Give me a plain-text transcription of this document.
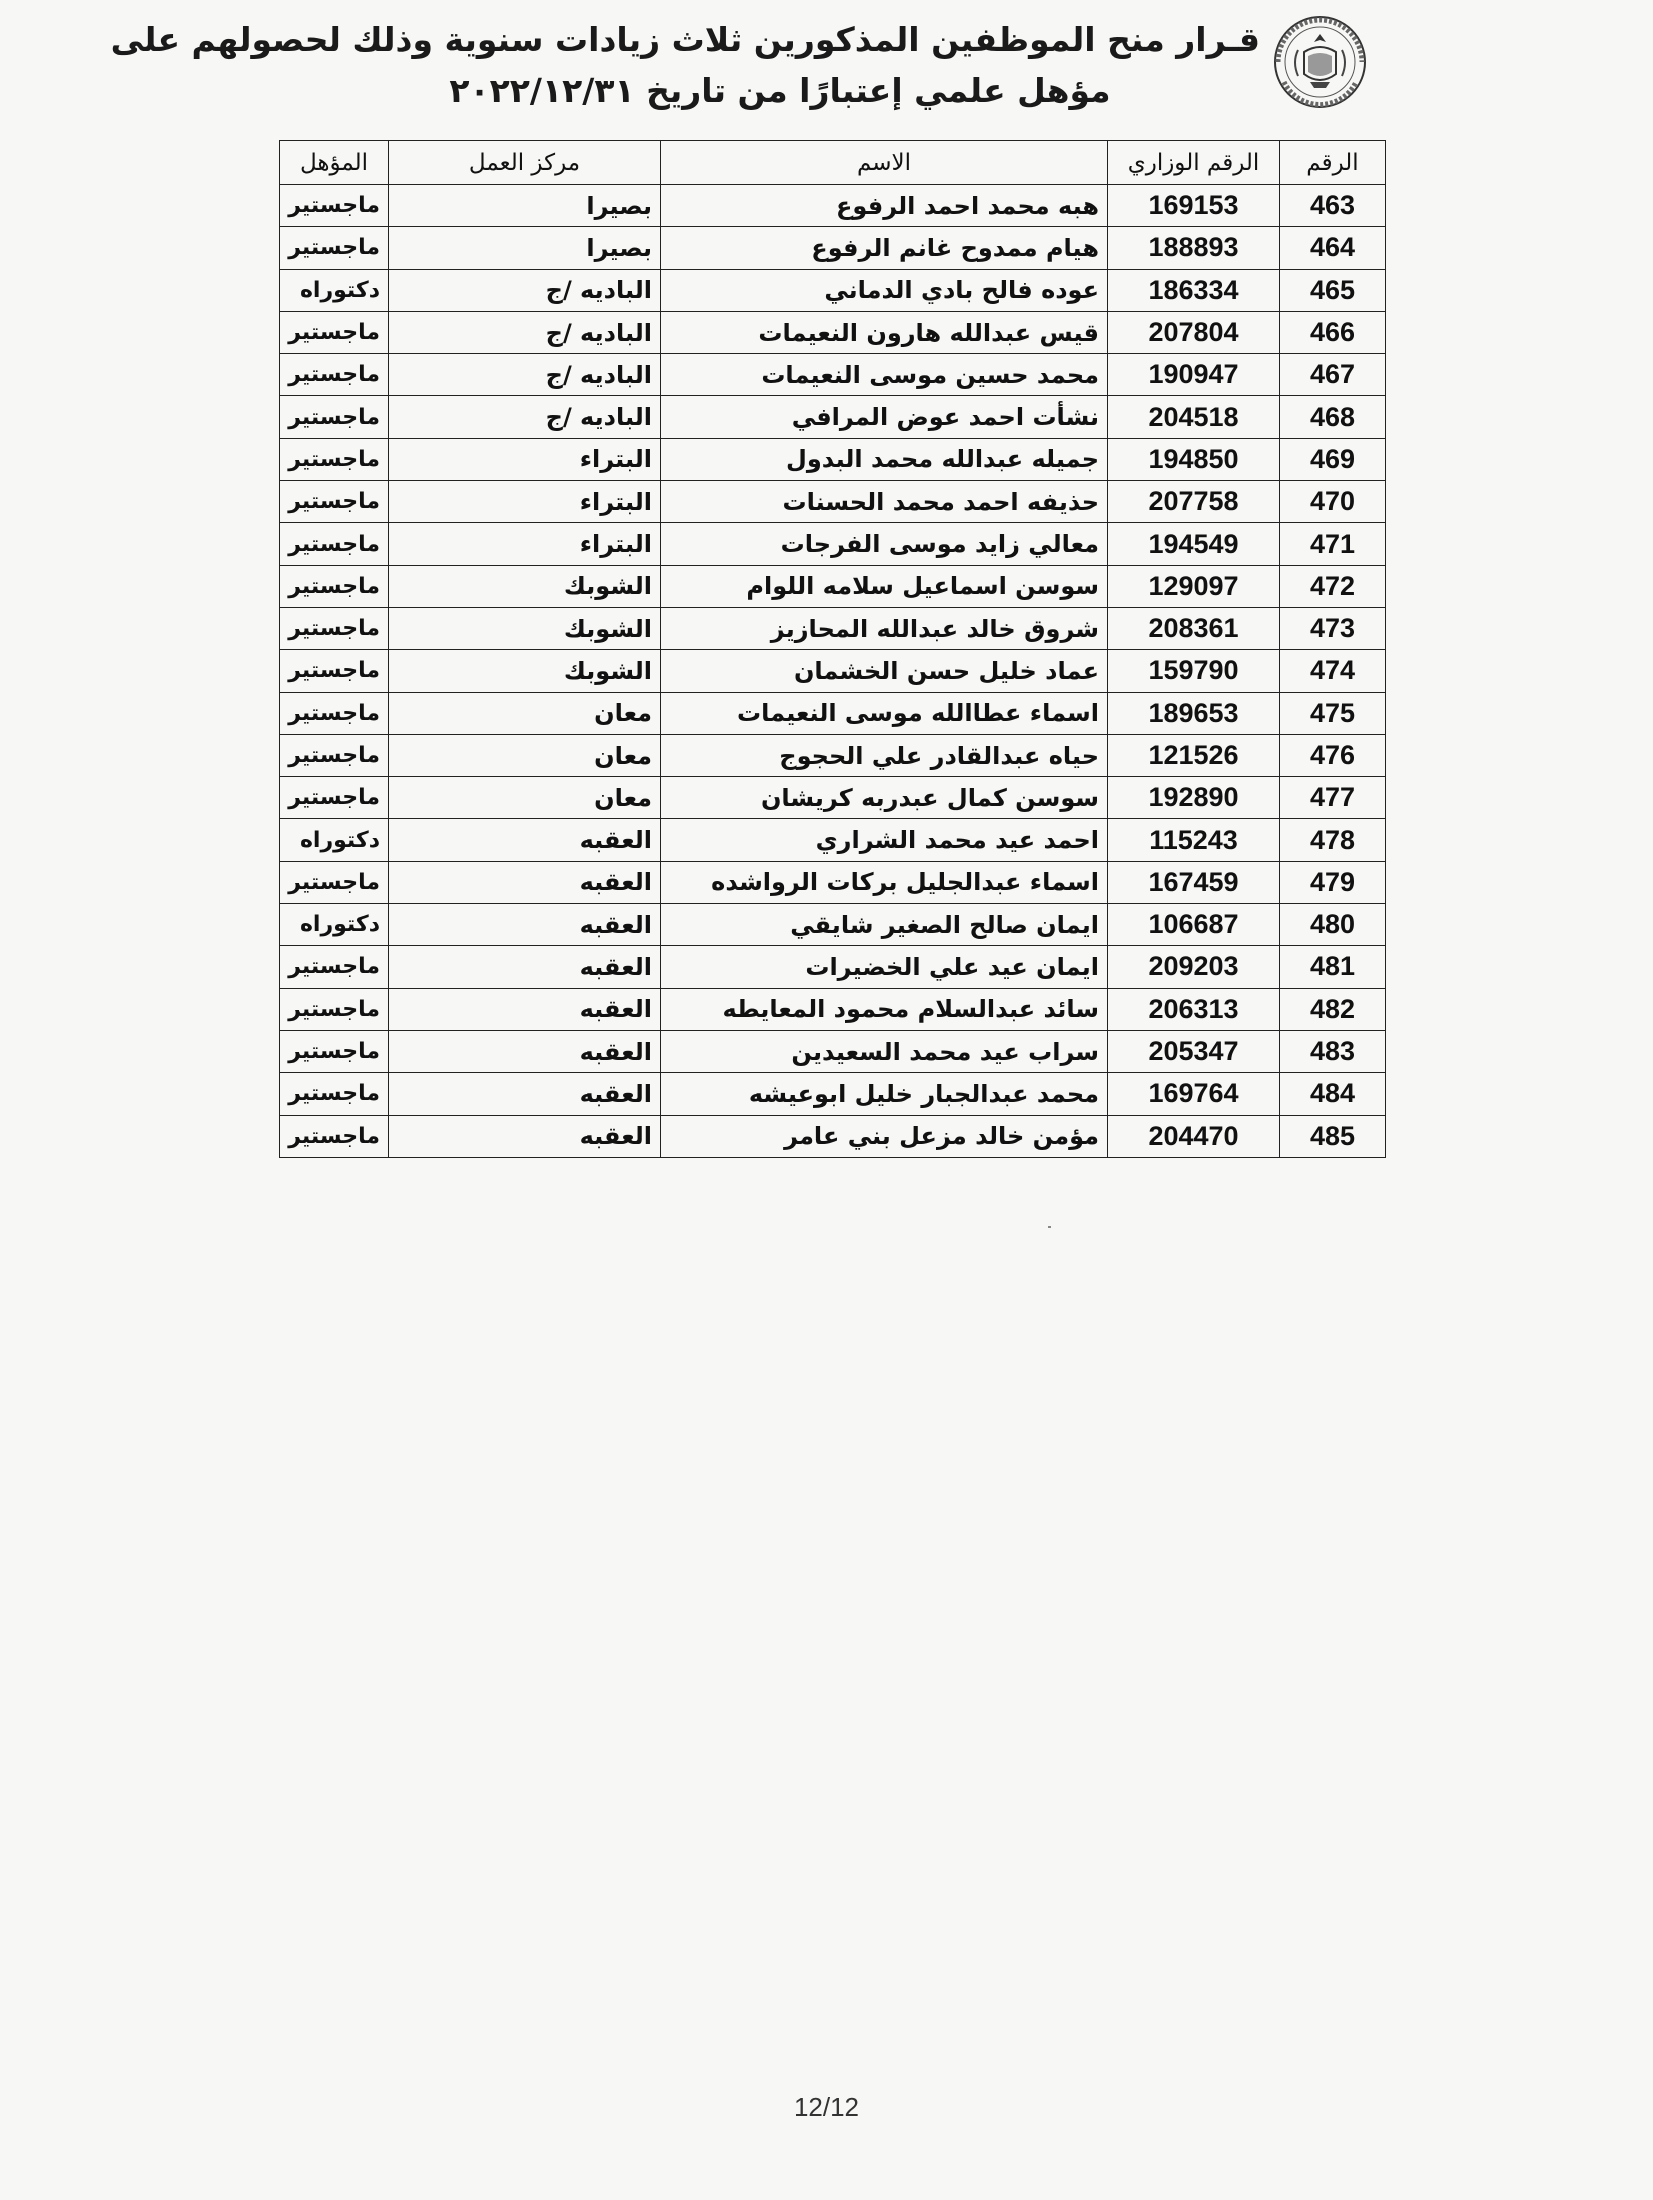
قـرار منح الموظفين المذكورين ثلاث زيادات سنوية وذلك لحصولهم على
مؤهل علمي إعتبارًا من تاريخ ٢٠٢٢/١٢/٣١
الرقم	الرقم الوزاري	الاسم	مركز العمل	المؤهل
463	169153	هبه محمد احمد الرفوع	بصيرا	ماجستير
464	188893	هيام ممدوح غانم الرفوع	بصيرا	ماجستير
465	186334	عوده فالح بادي الدماني	الباديه /ج	دكتوراه
466	207804	قيس عبدالله هارون النعيمات	الباديه /ج	ماجستير
467	190947	محمد حسين موسى النعيمات	الباديه /ج	ماجستير
468	204518	نشأت احمد عوض المرافي	الباديه /ج	ماجستير
469	194850	جميله عبدالله محمد البدول	البتراء	ماجستير
470	207758	حذيفه احمد محمد الحسنات	البتراء	ماجستير
471	194549	معالي زايد موسى الفرجات	البتراء	ماجستير
472	129097	سوسن اسماعيل سلامه اللوام	الشوبك	ماجستير
473	208361	شروق خالد عبدالله المحازيز	الشوبك	ماجستير
474	159790	عماد خليل حسن الخشمان	الشوبك	ماجستير
475	189653	اسماء عطاالله موسى النعيمات	معان	ماجستير
476	121526	حياه عبدالقادر علي الحجوج	معان	ماجستير
477	192890	سوسن كمال عبدربه كريشان	معان	ماجستير
478	115243	احمد عيد محمد الشراري	العقبه	دكتوراه
479	167459	اسماء عبدالجليل بركات الرواشده	العقبه	ماجستير
480	106687	ايمان صالح الصغير شايقي	العقبه	دكتوراه
481	209203	ايمان عيد علي الخضيرات	العقبه	ماجستير
482	206313	سائد عبدالسلام محمود المعايطه	العقبه	ماجستير
483	205347	سراب عيد محمد السعيدين	العقبه	ماجستير
484	169764	محمد عبدالجبار خليل ابوعيشه	العقبه	ماجستير
485	204470	مؤمن خالد مزعل بني عامر	العقبه	ماجستير
12/12
